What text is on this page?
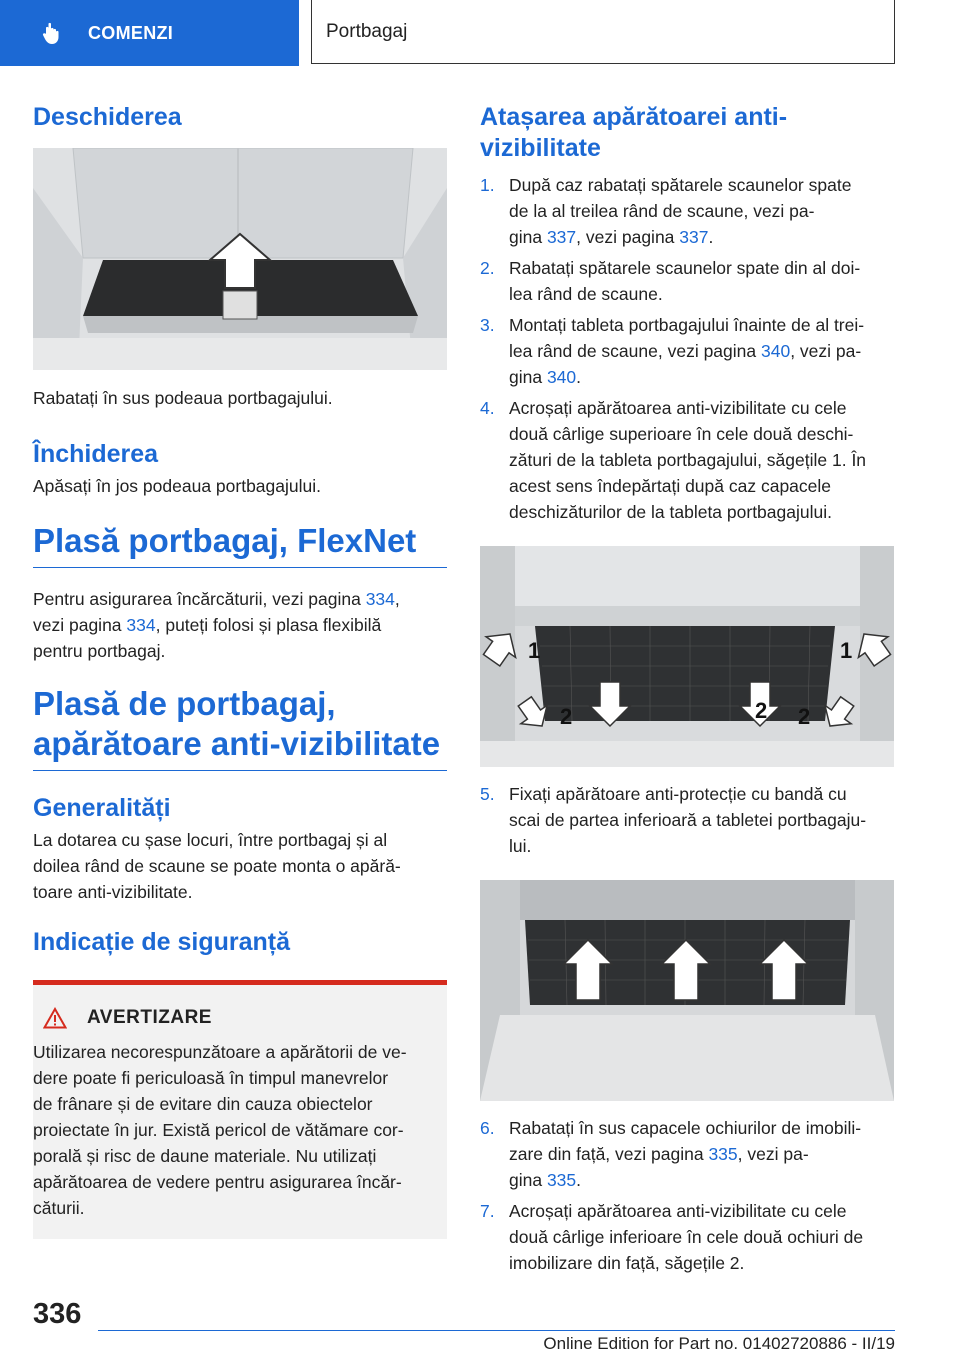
COMENZI	Portbagaj
Deschiderea
Rabatați în sus podeaua portbagajului.
Închiderea
Apăsați în jos podeaua portbagajului.
Plasă portbagaj, FlexNet
Pentru asigurarea încărcăturii, vezi pagina 334,
vezi pagina 334, puteți folosi și plasa flexibilă
pentru portbagaj.
Plasă de portbagaj,
apărătoare anti-vizibilitate
Generalități
La dotarea cu șase locuri, între portbagaj și al
doilea rând de scaune se poate monta o apără-
toare anti-vizibilitate.
Indicație de siguranță
AVERTIZARE
Utilizarea necorespunzătoare a apărătorii de ve-
dere poate fi periculoasă în timpul manevrelor
de frânare și de evitare din cauza obiectelor
proiectate în jur. Există pericol de vătămare cor-
porală și risc de daune materiale. Nu utilizați
apărătoarea de vedere pentru asigurarea încăr-
căturii.
Atașarea apărătoarei anti-
vizibilitate
1. După caz rabatați spătarele scaunelor spate
de la al treilea rând de scaune, vezi pa-
gina 337, vezi pagina 337.
2. Rabatați spătarele scaunelor spate din al doi-
lea rând de scaune.
3. Montați tableta portbagajului înainte de al trei-
lea rând de scaune, vezi pagina 340, vezi pa-
gina 340.
4. Acroșați apărătoarea anti-vizibilitate cu cele
două cârlige superioare în cele două deschi-
zături de la tableta portbagajului, săgețile 1. În
acest sens îndepărtați după caz capacele
deschizăturilor de la tableta portbagajului.
1	1
2	2 2
5. Fixați apărătoare anti-protecție cu bandă cu
scai de partea inferioară a tabletei portbagaju-
lui.
6. Rabatați în sus capacele ochiurilor de imobili-
zare din față, vezi pagina 335, vezi pa-
gina 335.
7. Acroșați apărătoarea anti-vizibilitate cu cele
două cârlige inferioare în cele două ochiuri de
imobilizare din față, săgețile 2.
336
Online Edition for Part no. 01402720886 - II/19
